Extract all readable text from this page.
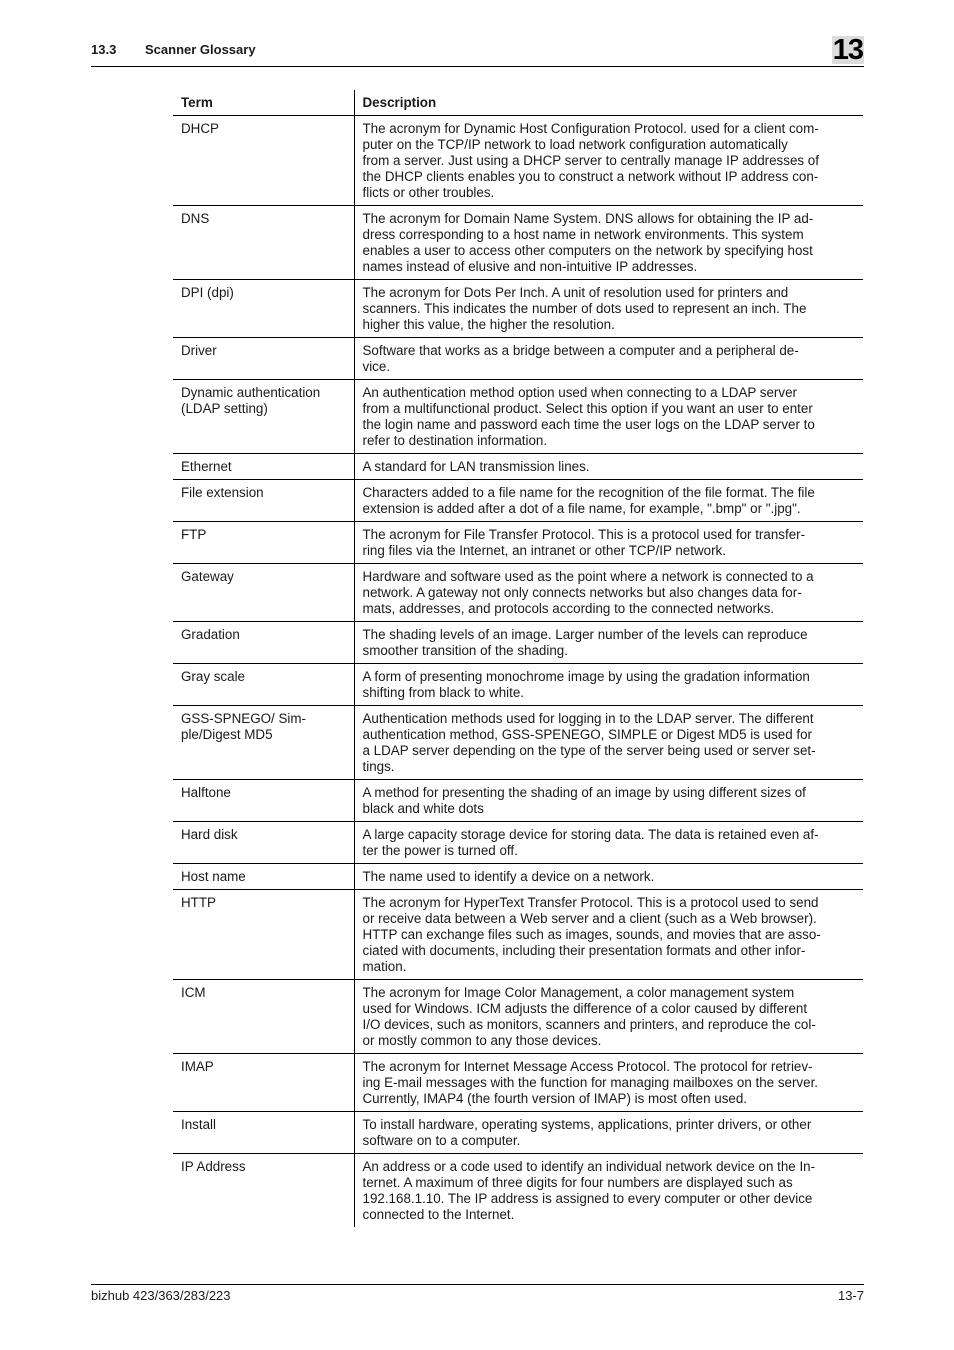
13.3 Scanner Glossary	13
Term	Description
DHCP	The acronym for Dynamic Host Configuration Protocol. used for a client com-
puter on the TCP/IP network to load network configuration automatically
from a server. Just using a DHCP server to centrally manage IP addresses of
the DHCP clients enables you to construct a network without IP address con-
flicts or other troubles.
DNS	The acronym for Domain Name System. DNS allows for obtaining the IP ad-
dress corresponding to a host name in network environments. This system
enables a user to access other computers on the network by specifying host
names instead of elusive and non-intuitive IP addresses.
DPI (dpi)	The acronym for Dots Per Inch. A unit of resolution used for printers and
scanners. This indicates the number of dots used to represent an inch. The
higher this value, the higher the resolution.
Driver	Software that works as a bridge between a computer and a peripheral de-
vice.
Dynamic authentication
(LDAP setting)	An authentication method option used when connecting to a LDAP server
from a multifunctional product. Select this option if you want an user to enter
the login name and password each time the user logs on the LDAP server to
refer to destination information.
Ethernet	A standard for LAN transmission lines.
File extension	Characters added to a file name for the recognition of the file format. The file
extension is added after a dot of a file name, for example, ".bmp" or ".jpg".
FTP	The acronym for File Transfer Protocol. This is a protocol used for transfer-
ring files via the Internet, an intranet or other TCP/IP network.
Gateway	Hardware and software used as the point where a network is connected to a
network. A gateway not only connects networks but also changes data for-
mats, addresses, and protocols according to the connected networks.
Gradation	The shading levels of an image. Larger number of the levels can reproduce
smoother transition of the shading.
Gray scale	A form of presenting monochrome image by using the gradation information
shifting from black to white.
GSS-SPNEGO/ Sim-
ple/Digest MD5	Authentication methods used for logging in to the LDAP server. The different
authentication method, GSS-SPENEGO, SIMPLE or Digest MD5 is used for
a LDAP server depending on the type of the server being used or server set-
tings.
Halftone	A method for presenting the shading of an image by using different sizes of
black and white dots
Hard disk	A large capacity storage device for storing data. The data is retained even af-
ter the power is turned off.
Host name	The name used to identify a device on a network.
HTTP	The acronym for HyperText Transfer Protocol. This is a protocol used to send
or receive data between a Web server and a client (such as a Web browser).
HTTP can exchange files such as images, sounds, and movies that are asso-
ciated with documents, including their presentation formats and other infor-
mation.
ICM	The acronym for Image Color Management, a color management system
used for Windows. ICM adjusts the difference of a color caused by different
I/O devices, such as monitors, scanners and printers, and reproduce the col-
or mostly common to any those devices.
IMAP	The acronym for Internet Message Access Protocol. The protocol for retriev-
ing E-mail messages with the function for managing mailboxes on the server.
Currently, IMAP4 (the fourth version of IMAP) is most often used.
Install	To install hardware, operating systems, applications, printer drivers, or other
software on to a computer.
IP Address	An address or a code used to identify an individual network device on the In-
ternet. A maximum of three digits for four numbers are displayed such as
192.168.1.10. The IP address is assigned to every computer or other device
connected to the Internet.
bizhub 423/363/283/223	13-7
